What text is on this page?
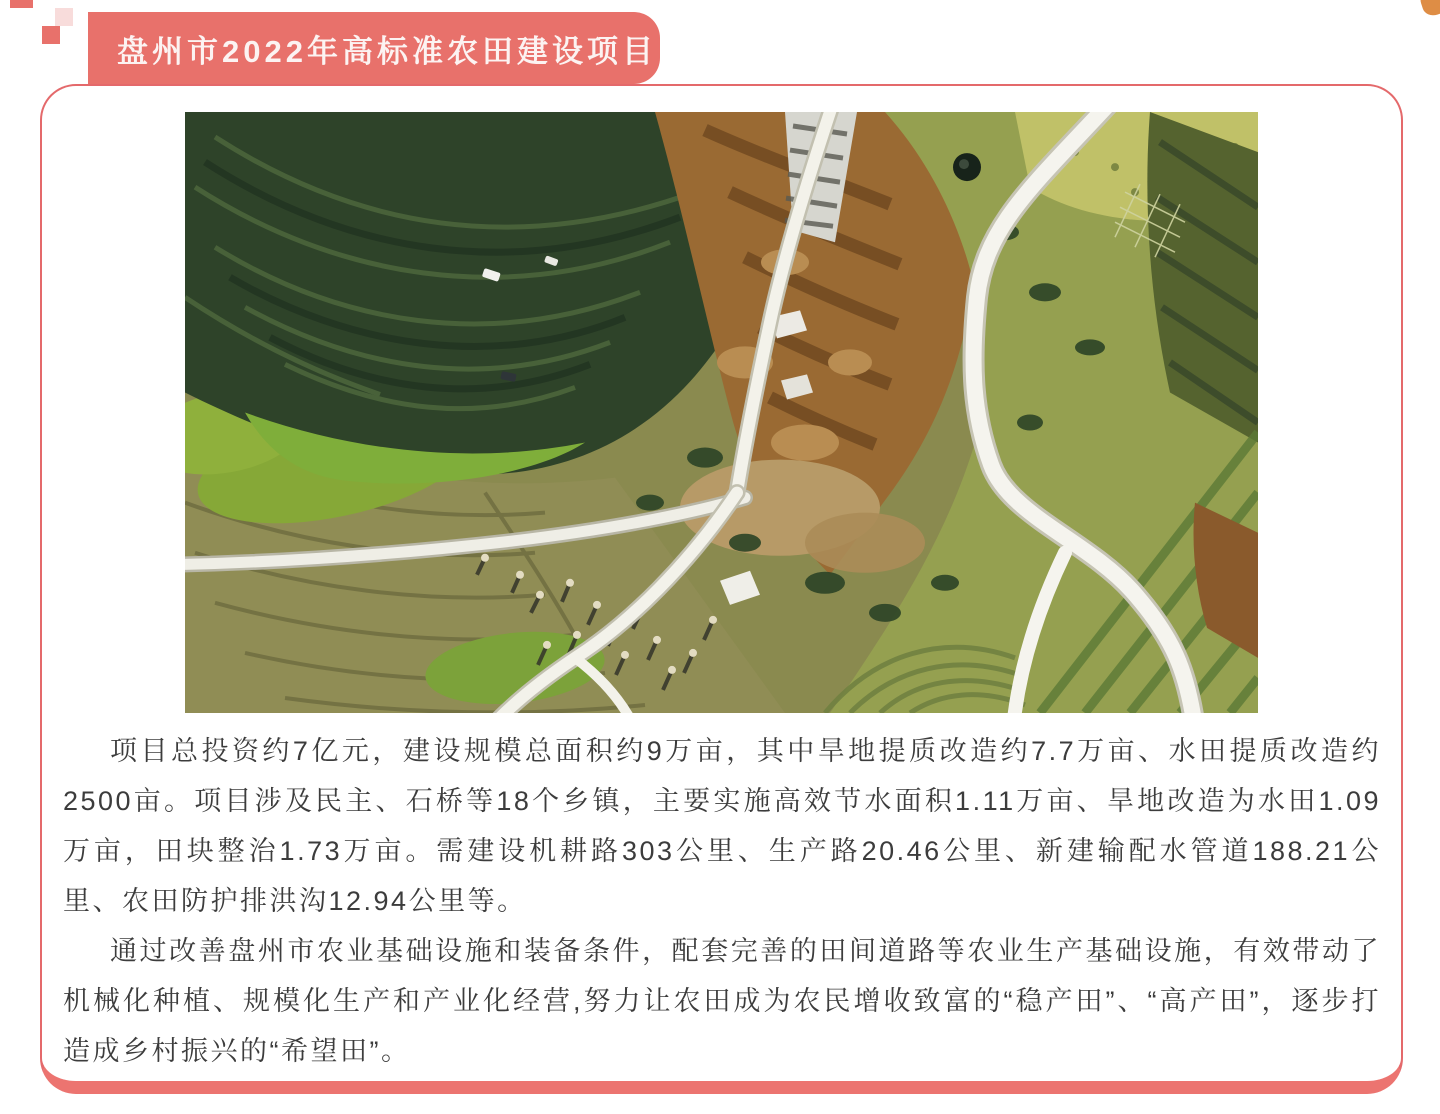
盘州市2022年高标准农田建设项目

项目总投资约7亿元，建设规模总面积约9万亩，其中旱地提质改造约7.7万亩、水田提质改造约2500亩。项目涉及民主、石桥等18个乡镇，主要实施高效节水面积1.11万亩、旱地改造为水田1.09万亩，田块整治1.73万亩。需建设机耕路303公里、生产路20.46公里、新建输配水管道188.21公里、农田防护排洪沟12.94公里等。

通过改善盘州市农业基础设施和装备条件，配套完善的田间道路等农业生产基础设施，有效带动了机械化种植、规模化生产和产业化经营,努力让农田成为农民增收致富的“稳产田”、“高产田”，逐步打造成乡村振兴的“希望田”。
